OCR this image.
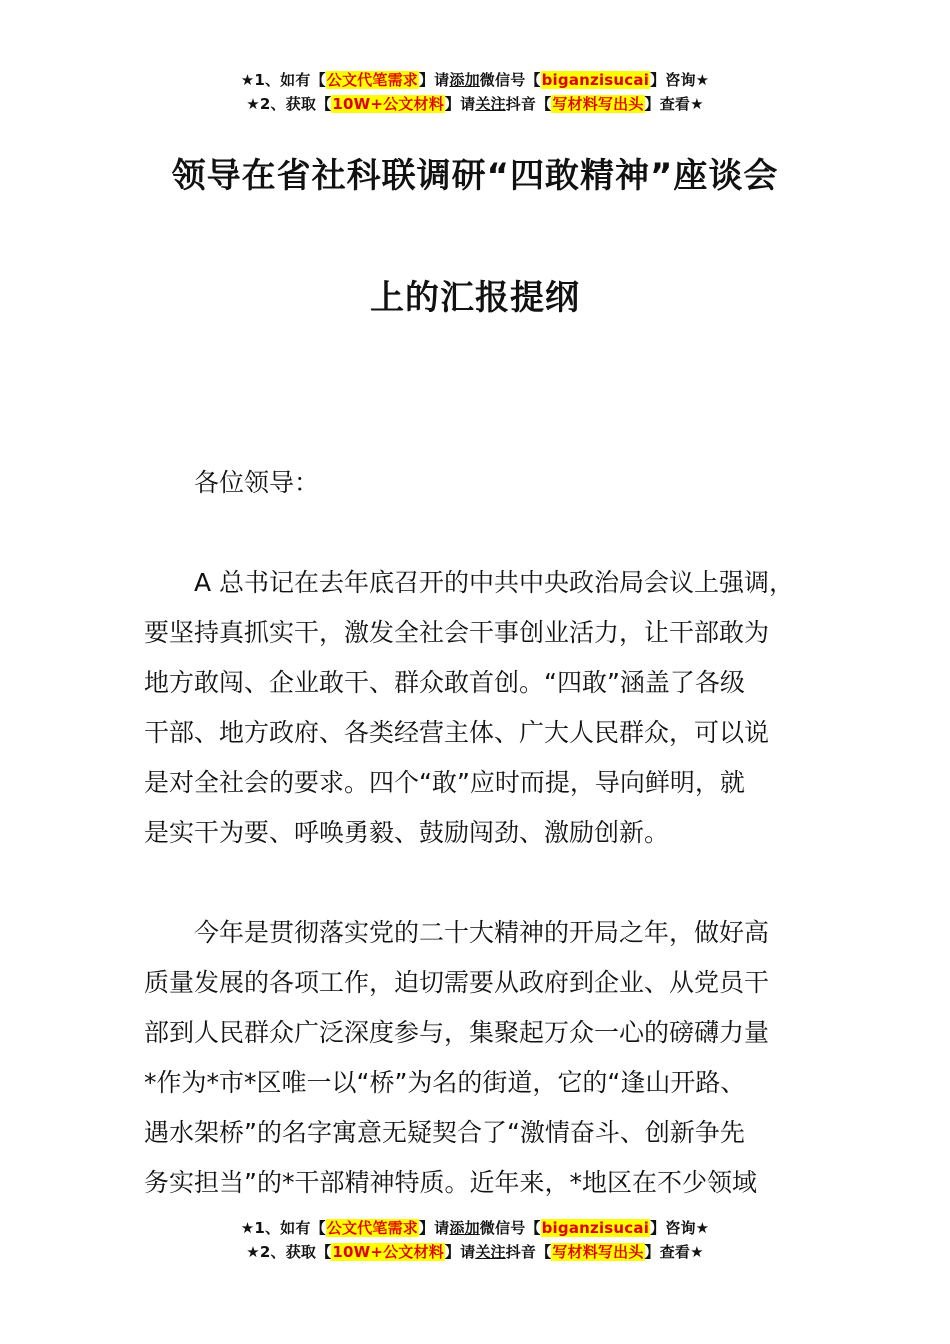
★1、如有【公文代笔需求】请添加微信号【biganzisucai】咨询★
★2、获取【10W+公文材料】请关注抖音【写材料写出头】查看★
领导在省社科联调研“四敢精神”座谈会
上的汇报提纲
各位领导：
A 总书记在去年底召开的中共中央政治局会议上强调，
要坚持真抓实干，激发全社会干事创业活力，让干部敢为
地方敢闯、企业敢干、群众敢首创。“四敢”涵盖了各级
干部、地方政府、各类经营主体、广大人民群众，可以说
是对全社会的要求。四个“敢”应时而提，导向鲜明，就
是实干为要、呼唤勇毅、鼓励闯劲、激励创新。
今年是贯彻落实党的二十大精神的开局之年，做好高
质量发展的各项工作，迫切需要从政府到企业、从党员干
部到人民群众广泛深度参与，集聚起万众一心的磅礴力量
*作为*市*区唯一以“桥”为名的街道，它的“逢山开路、
遇水架桥”的名字寓意无疑契合了“激情奋斗、创新争先
务实担当”的*干部精神特质。近年来，*地区在不少领域
★1、如有【公文代笔需求】请添加微信号【biganzisucai】咨询★
★2、获取【10W+公文材料】请关注抖音【写材料写出头】查看★
